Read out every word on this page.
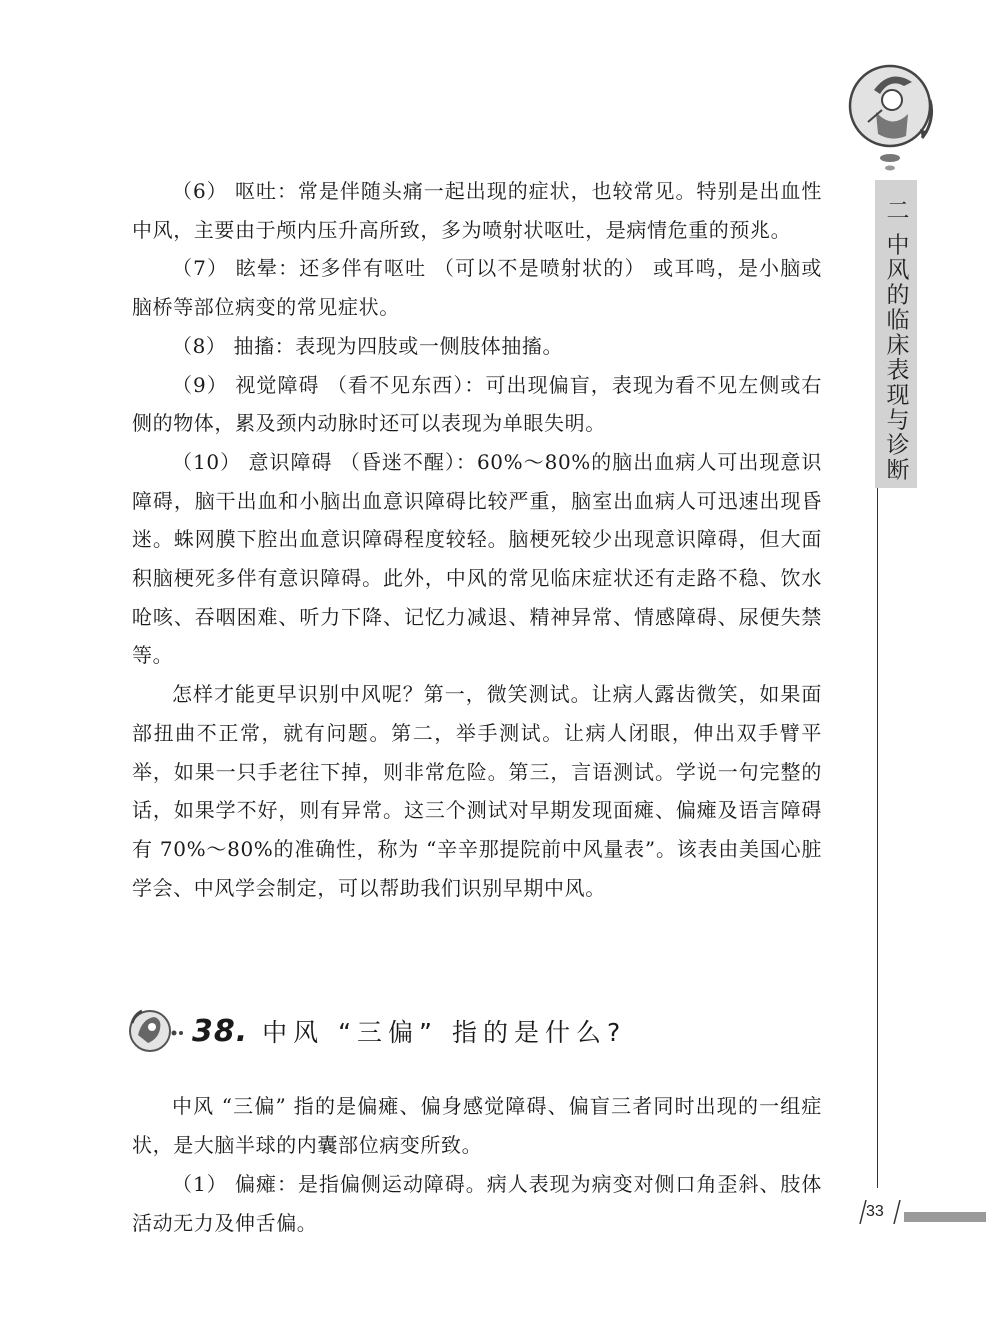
（6） 呕吐：常是伴随头痛一起出现的症状，也较常见。特别是出血性中风，主要由于颅内压升高所致，多为喷射状呕吐，是病情危重的预兆。

（7） 眩晕：还多伴有呕吐 （可以不是喷射状的） 或耳鸣，是小脑或脑桥等部位病变的常见症状。

（8） 抽搐：表现为四肢或一侧肢体抽搐。

（9） 视觉障碍 （看不见东西）：可出现偏盲，表现为看不见左侧或右侧的物体，累及颈内动脉时还可以表现为单眼失明。

（10） 意识障碍 （昏迷不醒）：60%～80%的脑出血病人可出现意识障碍，脑干出血和小脑出血意识障碍比较严重，脑室出血病人可迅速出现昏迷。蛛网膜下腔出血意识障碍程度较轻。脑梗死较少出现意识障碍，但大面积脑梗死多伴有意识障碍。此外，中风的常见临床症状还有走路不稳、饮水呛咳、吞咽困难、听力下降、记忆力减退、精神异常、情感障碍、尿便失禁等。

怎样才能更早识别中风呢？第一，微笑测试。让病人露齿微笑，如果面部扭曲不正常，就有问题。第二，举手测试。让病人闭眼，伸出双手臂平举，如果一只手老往下掉，则非常危险。第三，言语测试。学说一句完整的话，如果学不好，则有异常。这三个测试对早期发现面瘫、偏瘫及语言障碍有 70%～80%的准确性，称为 “辛辛那提院前中风量表”。该表由美国心脏学会、中风学会制定，可以帮助我们识别早期中风。

38. 中风 “三偏” 指的是什么?

中风 “三偏” 指的是偏瘫、偏身感觉障碍、偏盲三者同时出现的一组症状，是大脑半球的内囊部位病变所致。

（1） 偏瘫：是指偏侧运动障碍。病人表现为病变对侧口角歪斜、肢体活动无力及伸舌偏。

二 中风的临床表现与诊断
33
